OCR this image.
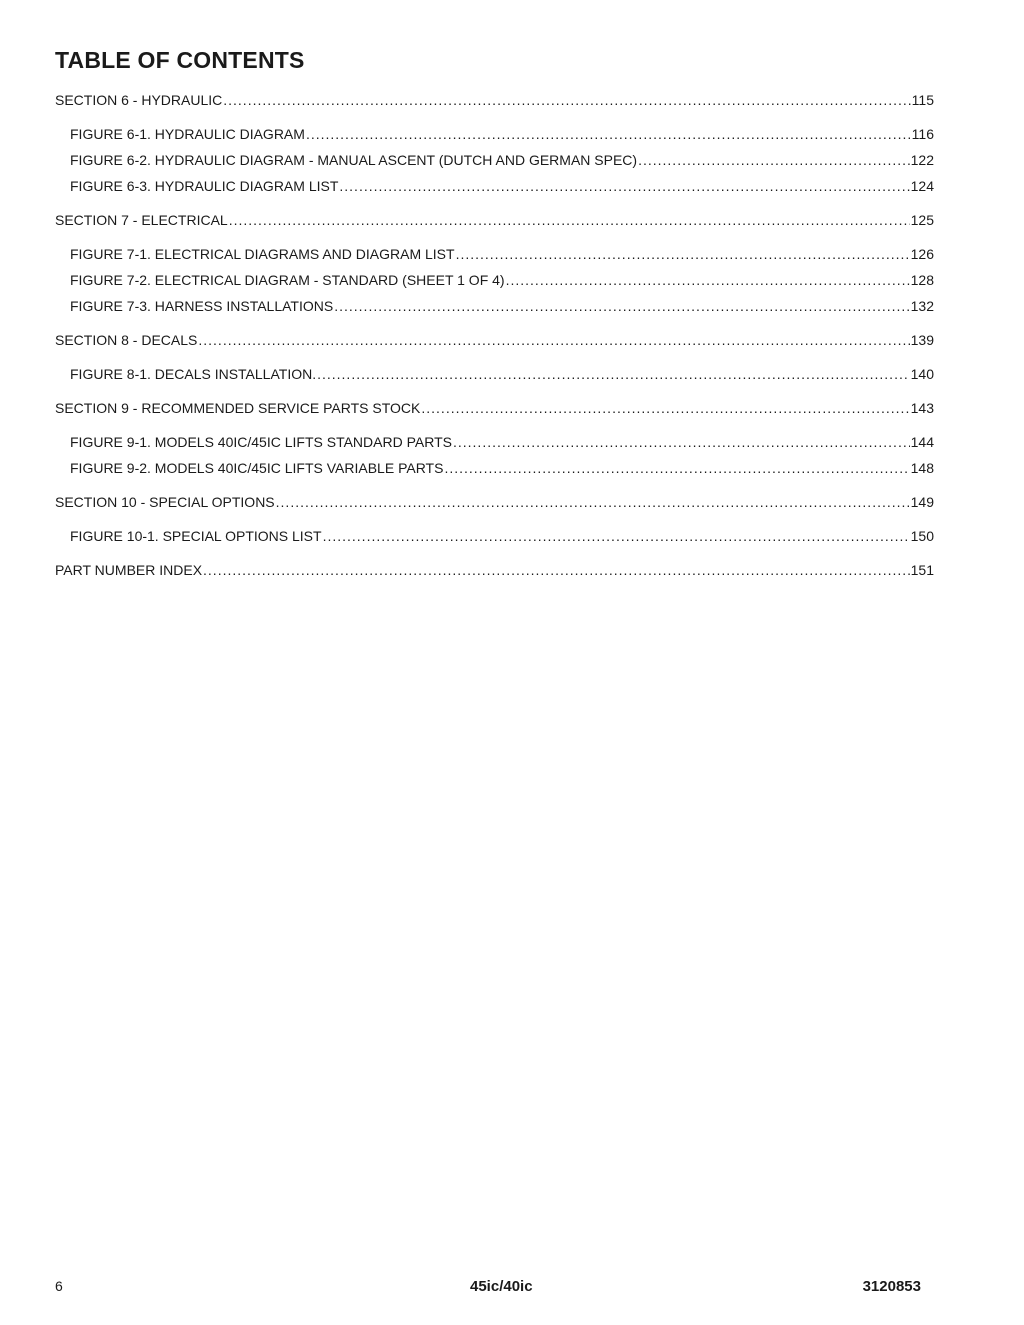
TABLE OF CONTENTS
SECTION 6 - HYDRAULIC .....	115
FIGURE 6-1. HYDRAULIC DIAGRAM .....	116
FIGURE 6-2. HYDRAULIC DIAGRAM - MANUAL ASCENT (DUTCH AND GERMAN SPEC) .....	122
FIGURE 6-3. HYDRAULIC DIAGRAM LIST .....	124
SECTION 7 - ELECTRICAL .....	125
FIGURE 7-1. ELECTRICAL DIAGRAMS AND DIAGRAM LIST .....	126
FIGURE 7-2. ELECTRICAL DIAGRAM - STANDARD (SHEET 1 OF 4) .....	128
FIGURE 7-3. HARNESS INSTALLATIONS .....	132
SECTION 8 - DECALS .....	139
FIGURE 8-1. DECALS INSTALLATION. .....	140
SECTION 9 - RECOMMENDED SERVICE PARTS STOCK .....	143
FIGURE 9-1. MODELS 40IC/45IC LIFTS STANDARD PARTS .....	144
FIGURE 9-2. MODELS 40IC/45IC LIFTS VARIABLE PARTS .....	148
SECTION 10 - SPECIAL OPTIONS .....	149
FIGURE 10-1. SPECIAL OPTIONS LIST .....	150
PART NUMBER INDEX .....	151
6	45ic/40ic	3120853
